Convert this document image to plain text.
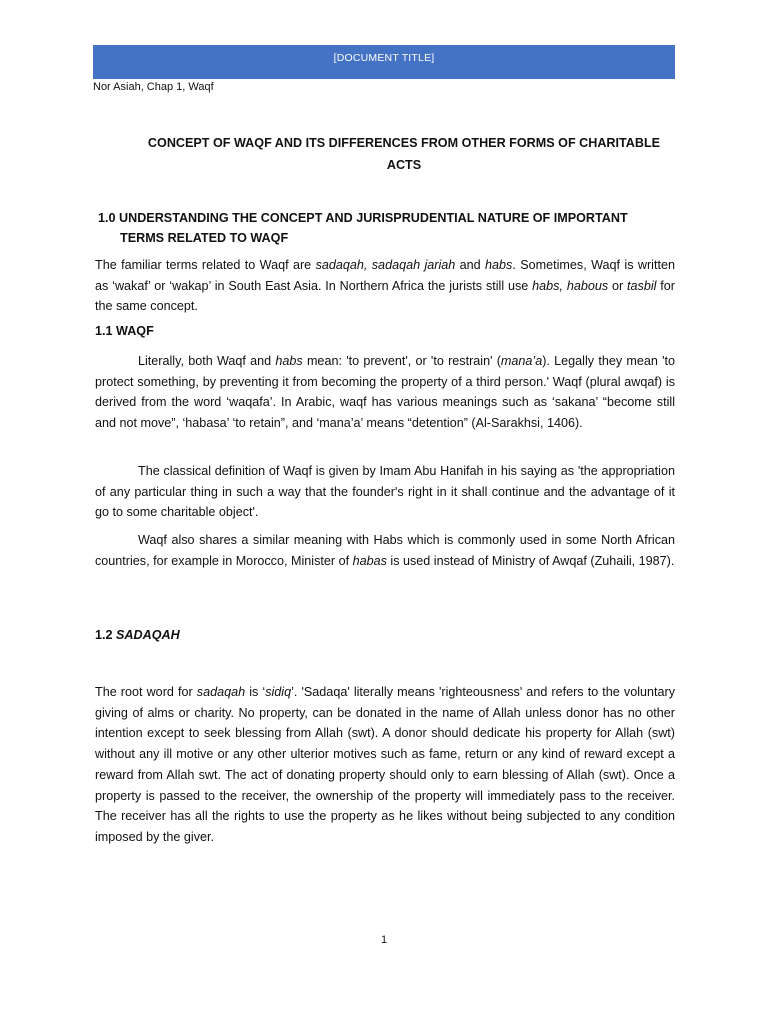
[DOCUMENT TITLE]
Nor Asiah, Chap 1, Waqf
CONCEPT OF WAQF AND ITS DIFFERENCES FROM OTHER FORMS OF CHARITABLE ACTS
1.0 UNDERSTANDING THE CONCEPT AND JURISPRUDENTIAL NATURE OF IMPORTANT
TERMS RELATED TO WAQF

The familiar terms related to Waqf are sadaqah, sadaqah jariah and habs. Sometimes, Waqf is written as ‘wakaf’ or ‘wakap’ in South East Asia. In Northern Africa the jurists still use habs, habous or tasbil for the same concept.

1.1 WAQF

Literally, both Waqf and habs mean: 'to prevent', or 'to restrain' (mana’a). Legally they mean 'to protect something, by preventing it from becoming the property of a third person.' Waqf (plural awqaf) is derived from the word ‘waqafa’. In Arabic, waqf has various meanings such as ‘sakana’ “become still and not move”, ‘habasa’ ‘to retain”, and ‘mana’a’ means “detention” (Al-Sarakhsi, 1406).

The classical definition of Waqf is given by Imam Abu Hanifah in his saying as 'the appropriation of any particular thing in such a way that the founder's right in it shall continue and the advantage of it go to some charitable object'.

Waqf also shares a similar meaning with Habs which is commonly used in some North African countries, for example in Morocco, Minister of habas is used instead of Ministry of Awqaf (Zuhaili, 1987).

1.2 SADAQAH

The root word for sadaqah is ‘sidiq’. 'Sadaqa' literally means 'righteousness' and refers to the voluntary giving of alms or charity. No property, can be donated in the name of Allah unless donor has no other intention except to seek blessing from Allah (swt). A donor should dedicate his property for Allah (swt) without any ill motive or any other ulterior motives such as fame, return or any kind of reward except a reward from Allah swt. The act of donating property should only to earn blessing of Allah (swt). Once a property is passed to the receiver, the ownership of the property will immediately pass to the receiver. The receiver has all the rights to use the property as he likes without being subjected to any condition imposed by the giver.

1
